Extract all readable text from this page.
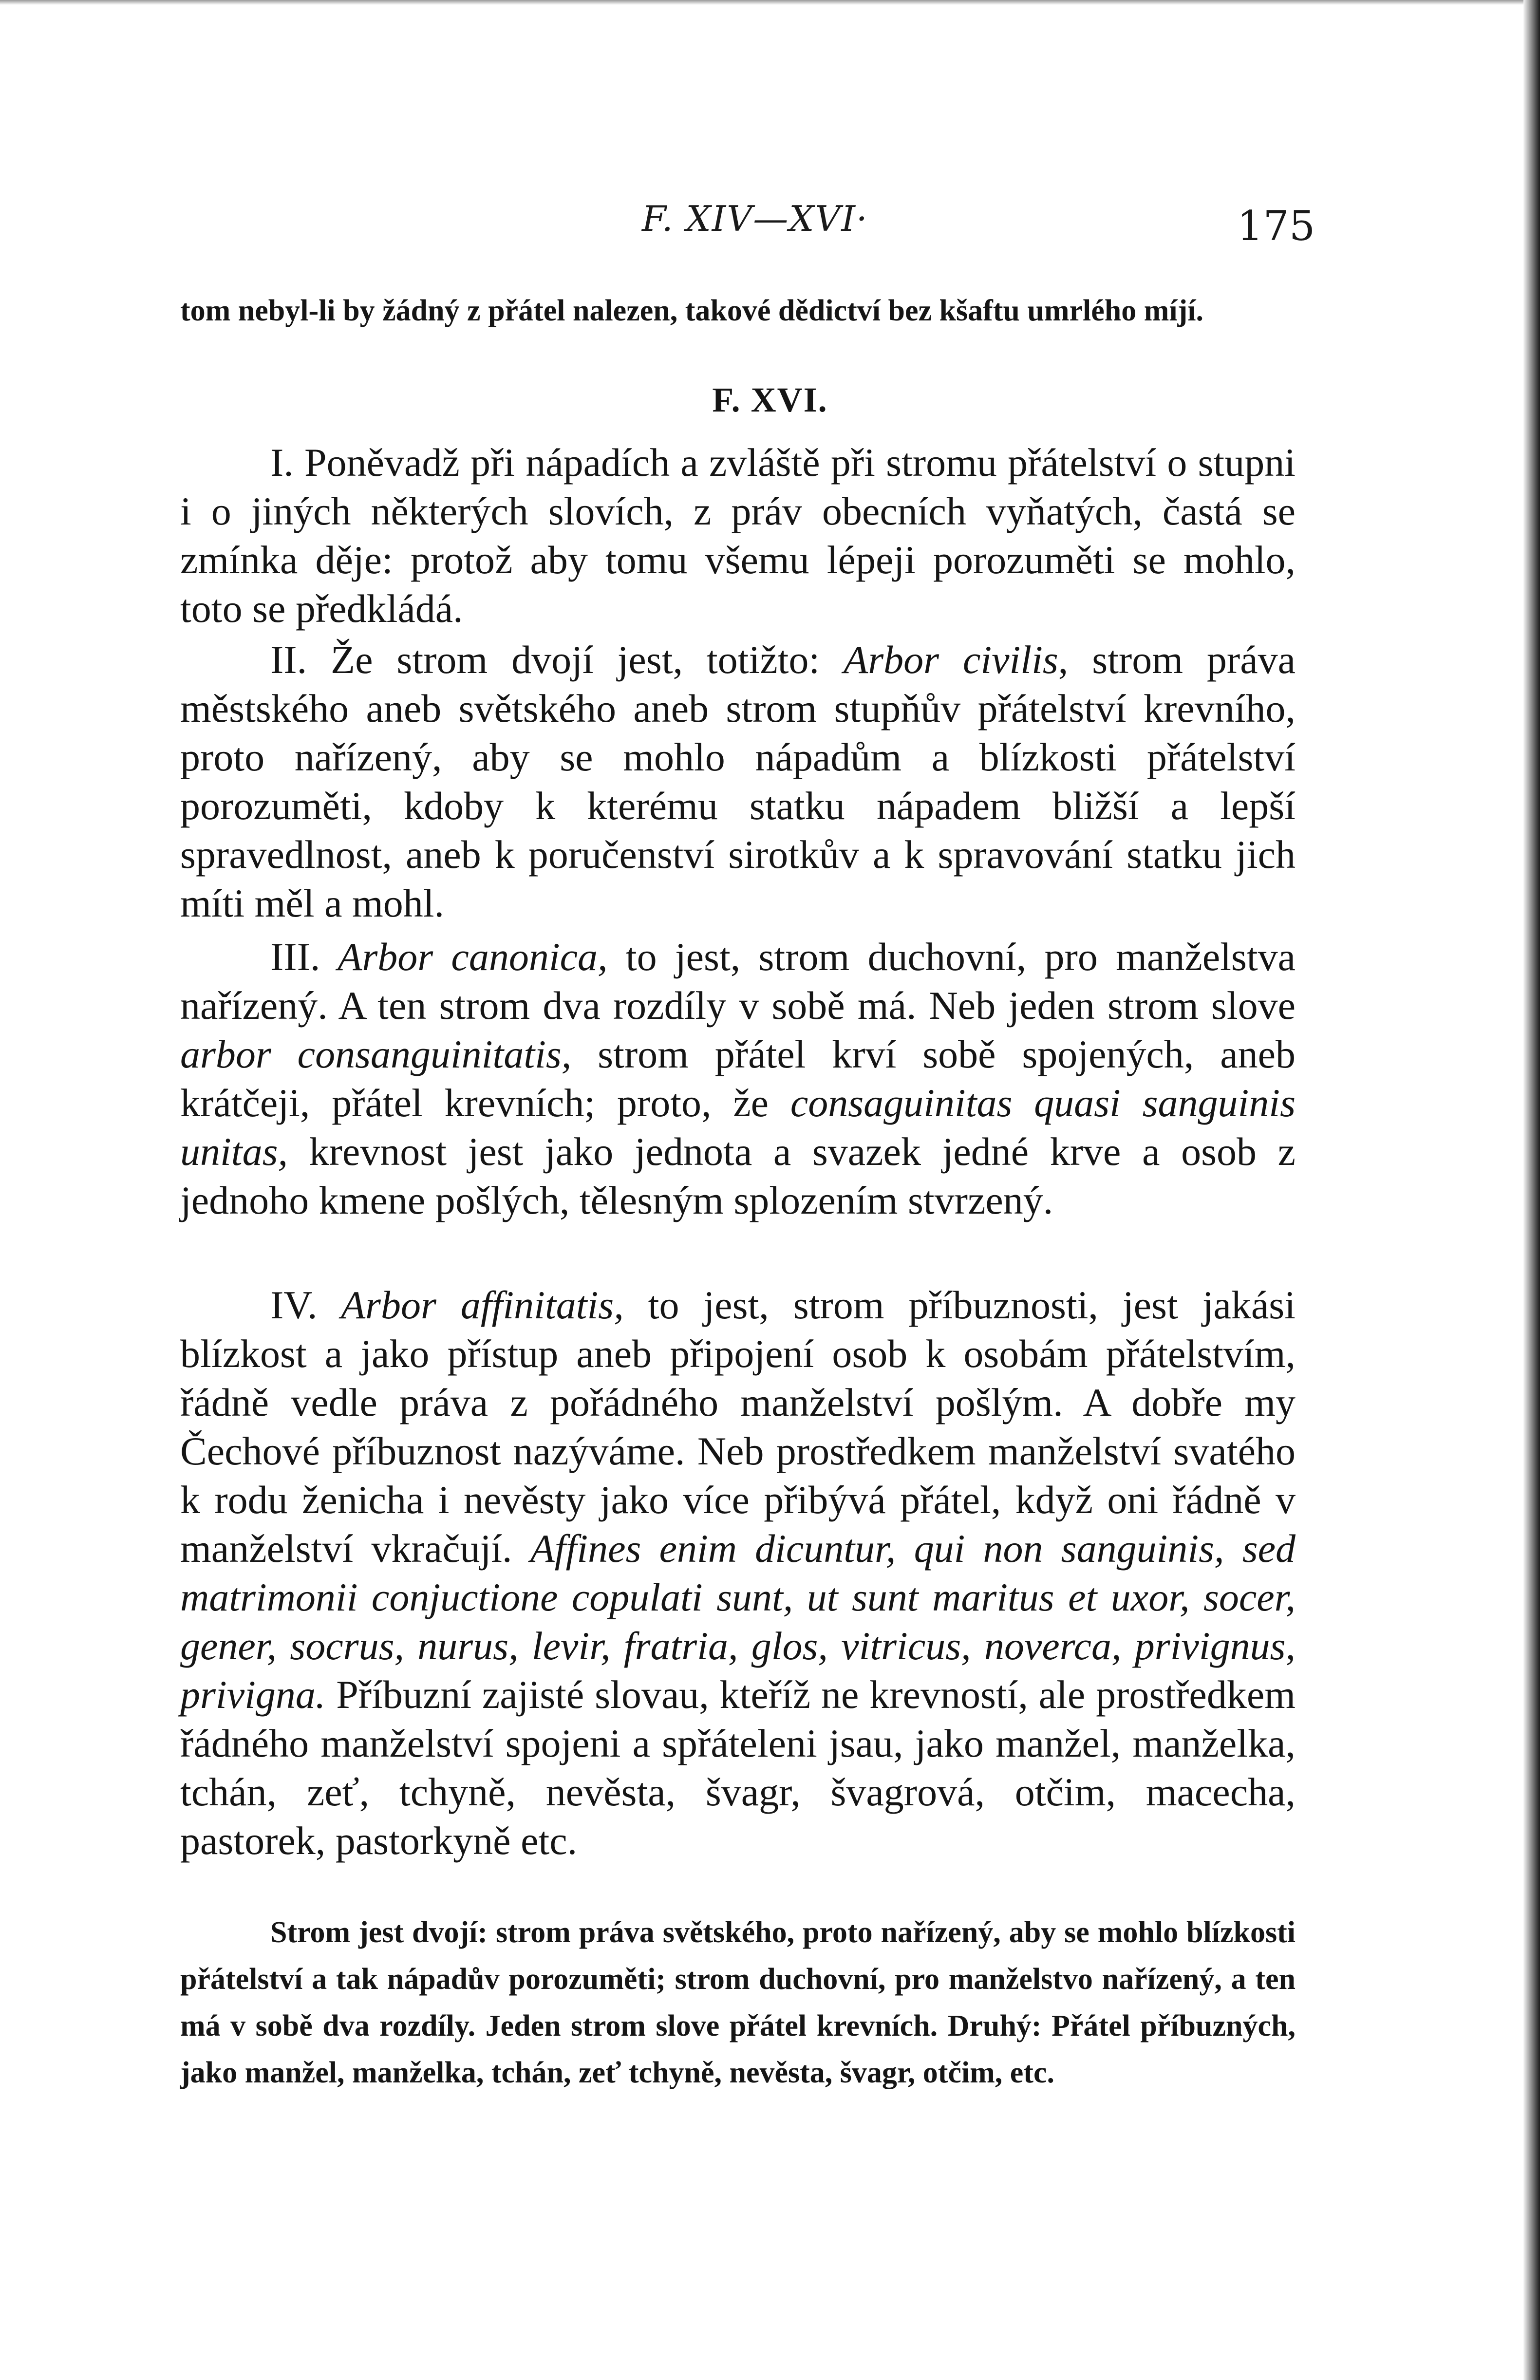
F. XIV—XVI·	175

tom nebyl-li by žádný z přátel nalezen, takové dědictví bez kšaftu umrlého míjí.

F. XVI.

I. Poněvadž při nápadích a zvláště při stromu přátelství o stupni i o jiných některých slovích, z práv obecních vyňatých, častá se zmínka děje: protož aby tomu všemu lépeji porozuměti se mohlo, toto se předkládá.

II. Že strom dvojí jest, totižto: Arbor civilis, strom práva městského aneb světského aneb strom stupňův přátelství krevního, proto nařízený, aby se mohlo nápadům a blízkosti přátelství porozuměti, kdoby k kterému statku nápadem bližší a lepší spravedlnost, aneb k poručenství sirotkův a k spravování statku jich míti měl a mohl.

III. Arbor canonica, to jest, strom duchovní, pro manželstva nařízený. A ten strom dva rozdíly v sobě má. Neb jeden strom slove arbor consanguinitatis, strom přátel krví sobě spojených, aneb krátčeji, přátel krevních; proto, že consaguinitas quasi sanguinis unitas, krevnost jest jako jednota a svazek jedné krve a osob z jednoho kmene pošlých, tělesným splozením stvrzený.

IV. Arbor affinitatis, to jest, strom příbuznosti, jest jakási blízkost a jako přístup aneb připojení osob k osobám přátelstvím, řádně vedle práva z pořádného manželství pošlým. A dobře my Čechové příbuznost nazýváme. Neb prostředkem manželství svatého k rodu ženicha i nevěsty jako více přibývá přátel, když oni řádně v manželství vkračují. Affines enim dicuntur, qui non sanguinis, sed matrimonii conjuctione copulati sunt, ut sunt maritus et uxor, socer, gener, socrus, nurus, levir, fratria, glos, vitricus, noverca, privignus, privigna. Příbuzní zajisté slovau, kteříž ne krevností, ale prostředkem řádného manželství spojeni a spřáteleni jsau, jako manžel, manželka, tchán, zeť, tchyně, nevěsta, švagr, švagrová, otčim, macecha, pastorek, pastorkyně etc.

Strom jest dvojí: strom práva světského, proto nařízený, aby se mohlo blízkosti přátelství a tak nápadův porozuměti; strom duchovní, pro manželstvo nařízený, a ten má v sobě dva rozdíly. Jeden strom slove přátel krevních. Druhý: Přátel příbuzných, jako manžel, manželka, tchán, zeť tchyně, nevěsta, švagr, otčim, etc.
